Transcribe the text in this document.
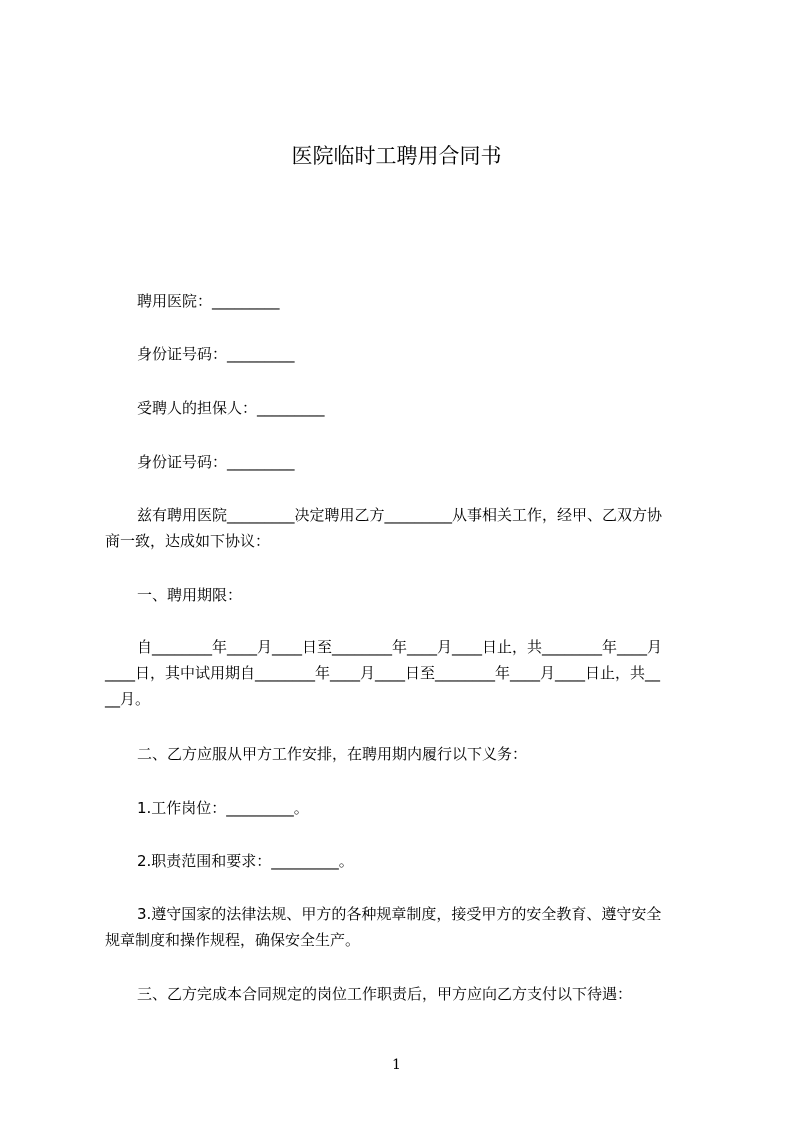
医院临时工聘用合同书
聘用医院：_________
身份证号码：_________
受聘人的担保人：_________
身份证号码：_________
兹有聘用医院_________决定聘用乙方_________从事相关工作，经甲、乙双方协
商一致，达成如下协议：
一、聘用期限：
自________年____月____日至________年____月____日止，共________年____月
____日，其中试用期自________年____月____日至________年____月____日止，共__
__月。
二、乙方应服从甲方工作安排，在聘用期内履行以下义务：
1.工作岗位：_________。
2.职责范围和要求：_________。
3.遵守国家的法律法规、甲方的各种规章制度，接受甲方的安全教育、遵守安全
规章制度和操作规程，确保安全生产。
三、乙方完成本合同规定的岗位工作职责后，甲方应向乙方支付以下待遇：
1
